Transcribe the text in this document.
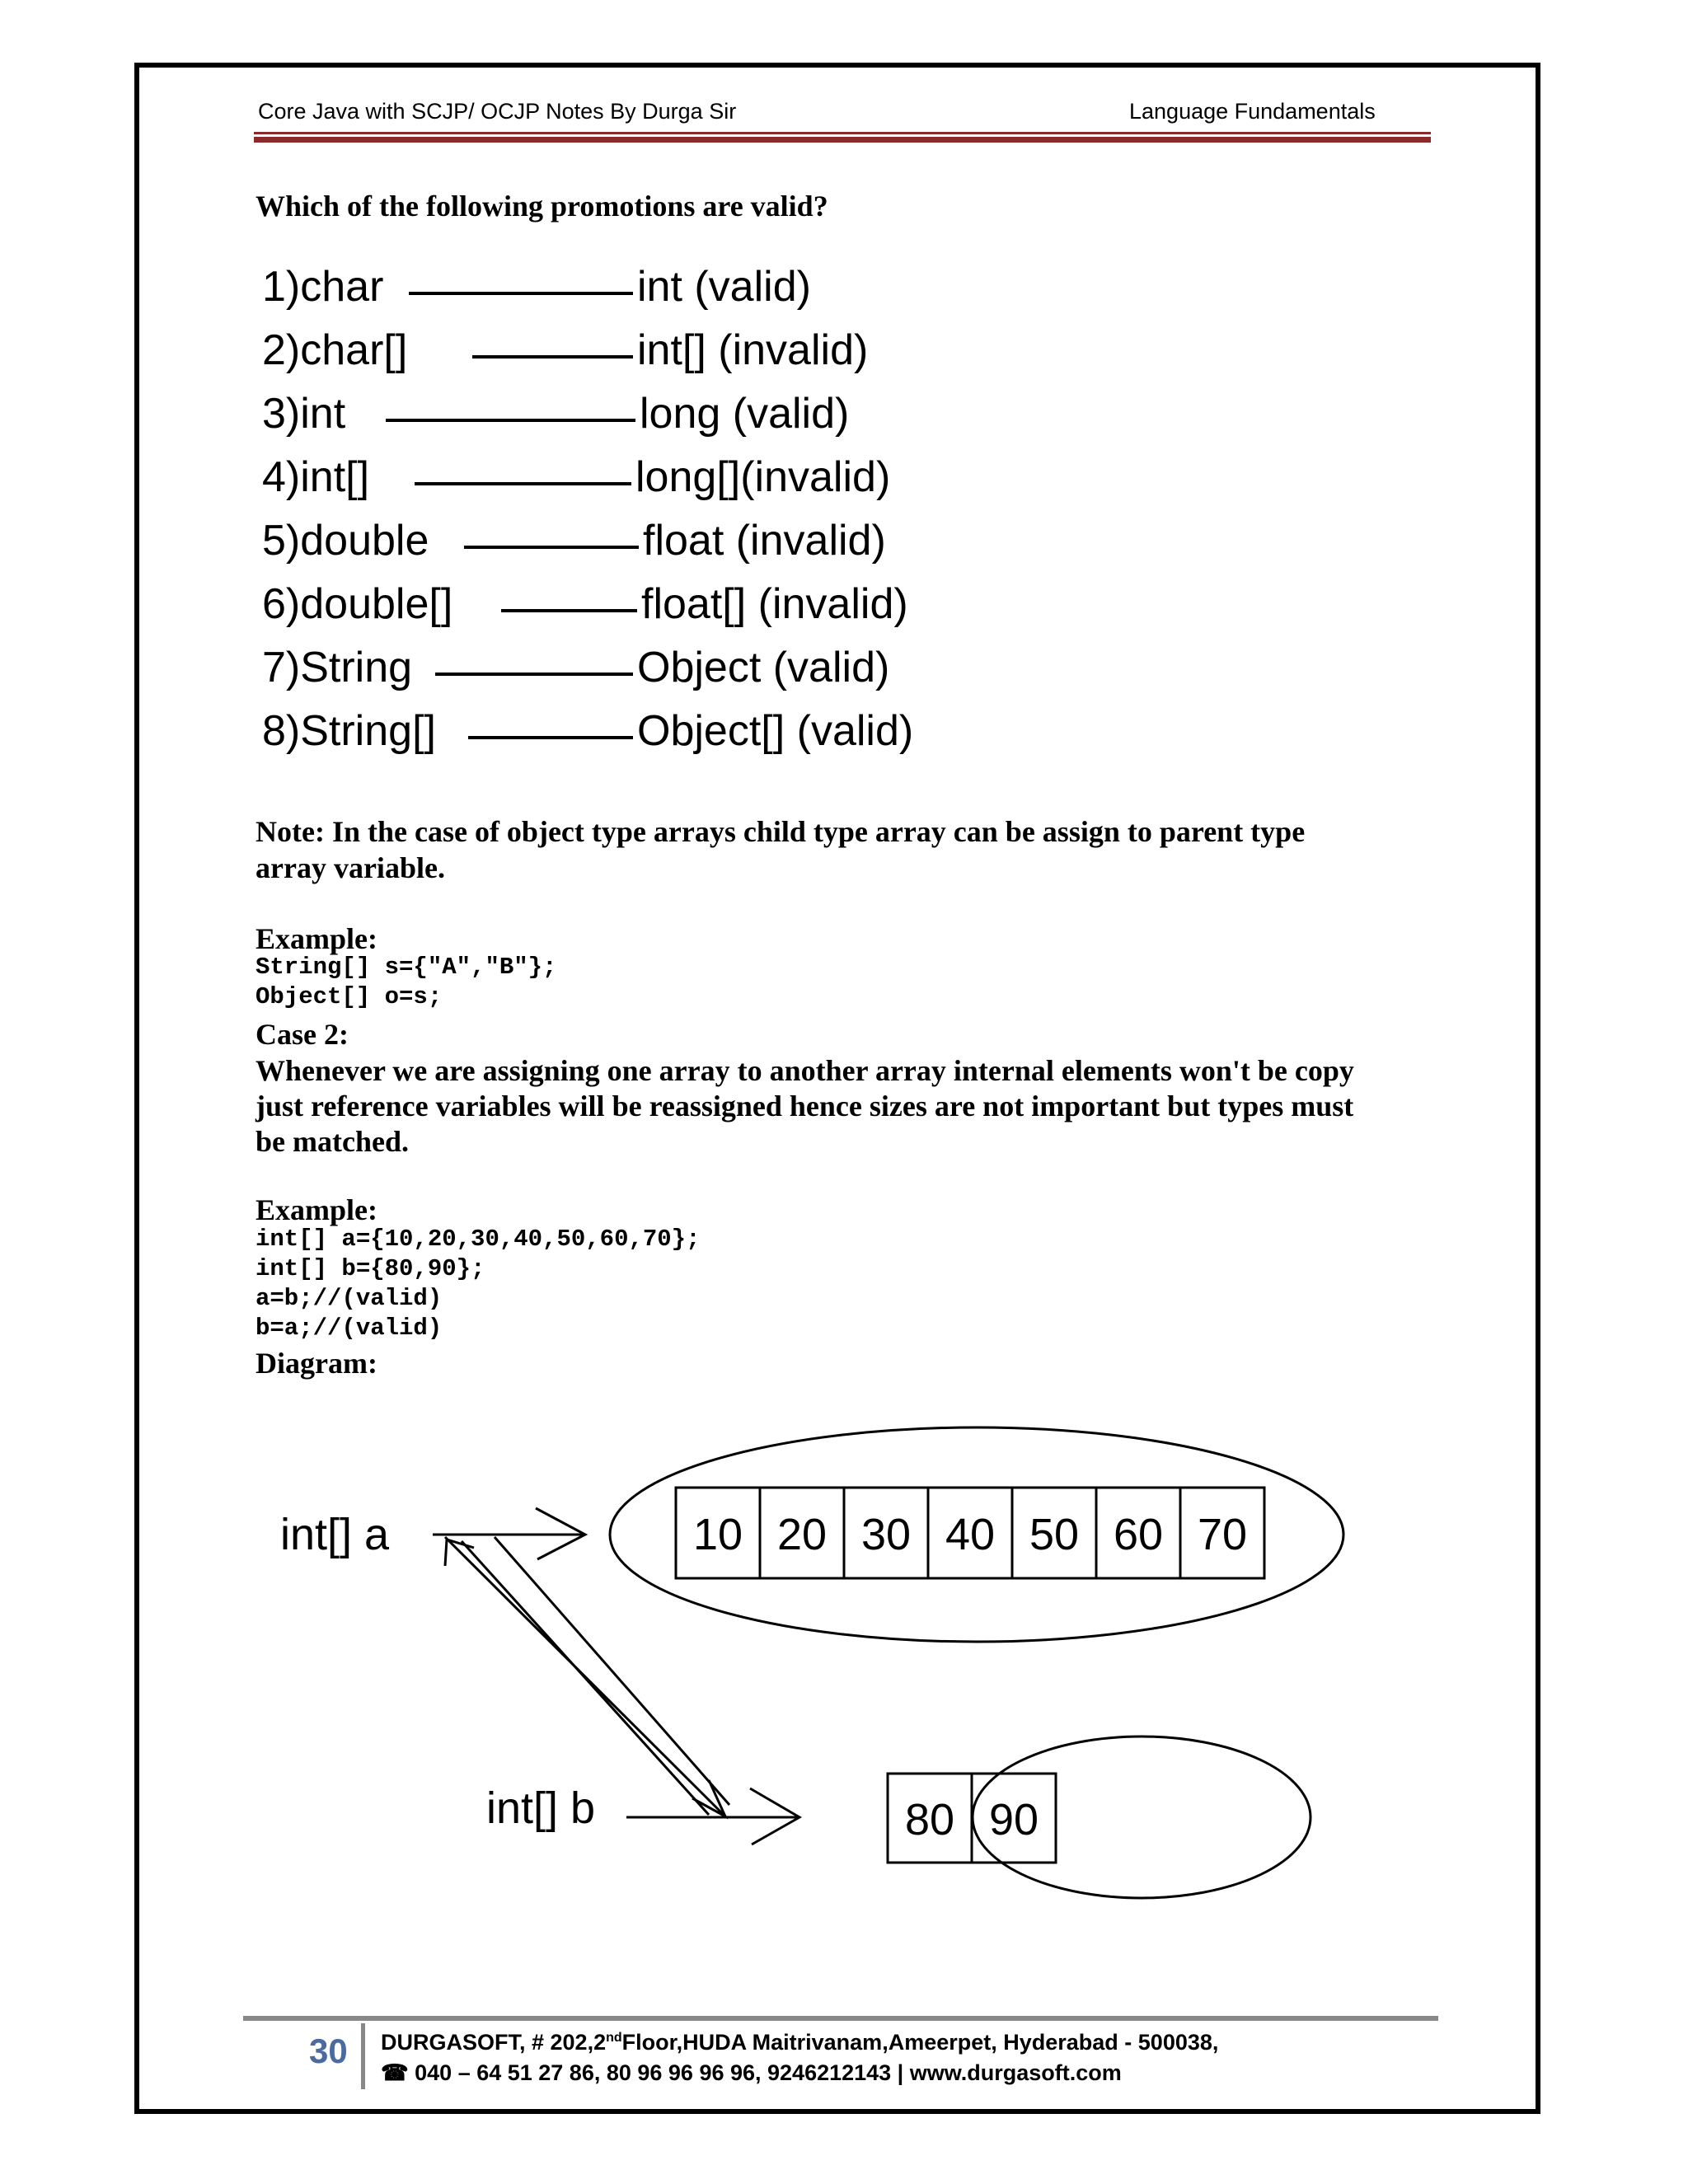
Core Java with SCJP/ OCJP Notes By Durga Sir	Language Fundamentals
Which of the following promotions are valid?
1)char	int (valid)
2)char[]	int[] (invalid)
3)int	long (valid)
4)int[]	long[](invalid)
5)double	float (invalid)
6)double[]	float[] (invalid)
7)String	Object (valid)
8)String[]	Object[] (valid)
Note: In the case of object type arrays child type array can be assign to parent type
array variable.
Example:
String[] s={"A","B"};
Object[] o=s;
Case 2:
Whenever we are assigning one array to another array internal elements won't be copy
just reference variables will be reassigned hence sizes are not important but types must
be matched.
Example:
int[] a={10,20,30,40,50,60,70};
int[] b={80,90};
a=b;//(valid)
b=a;//(valid)
Diagram:
10 20 30 40 50 60 70
80 90
int[] a
int[] b
30 DURGASOFT, # 202,2ndFloor,HUDA Maitrivanam,Ameerpet, Hyderabad - 500038,
☎ 040 – 64 51 27 86, 80 96 96 96 96, 9246212143 | www.durgasoft.com
